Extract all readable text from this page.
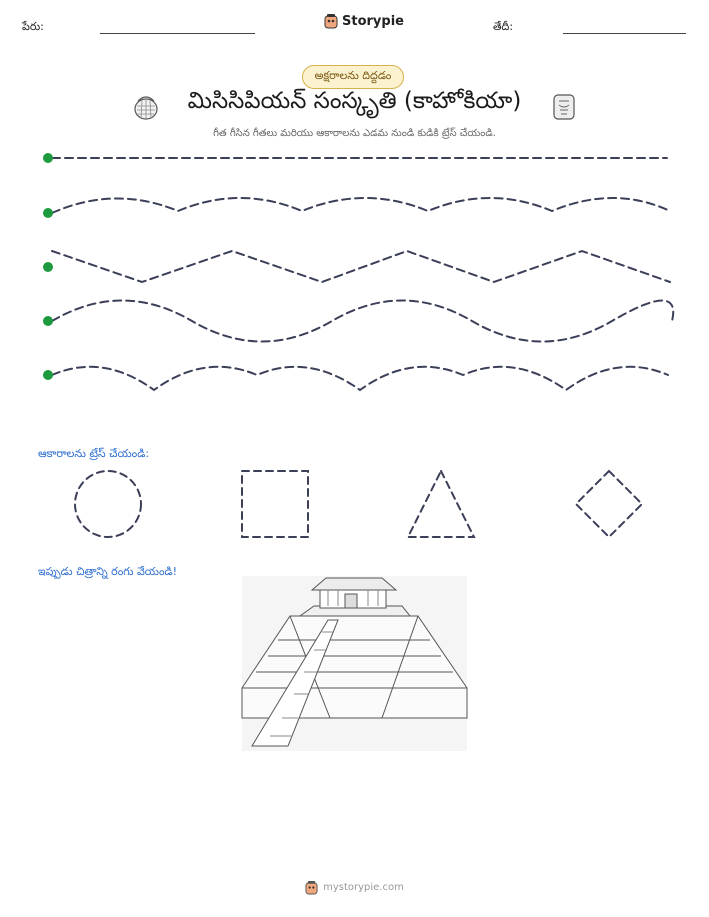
పేరు:	Storypie	తేదీ:
అక్షరాలను దిద్దడం
మిసిసిపియన్ సంస్కృతి (కాహోకియా)
గీత గీసిన గీతలు మరియు ఆకారాలను ఎడమ నుండి కుడికి ట్రేస్ చేయండి.
ఆకారాలను ట్రేస్ చేయండి:
ఇప్పుడు చిత్రాన్ని రంగు వేయండి!
mystorypie.com
